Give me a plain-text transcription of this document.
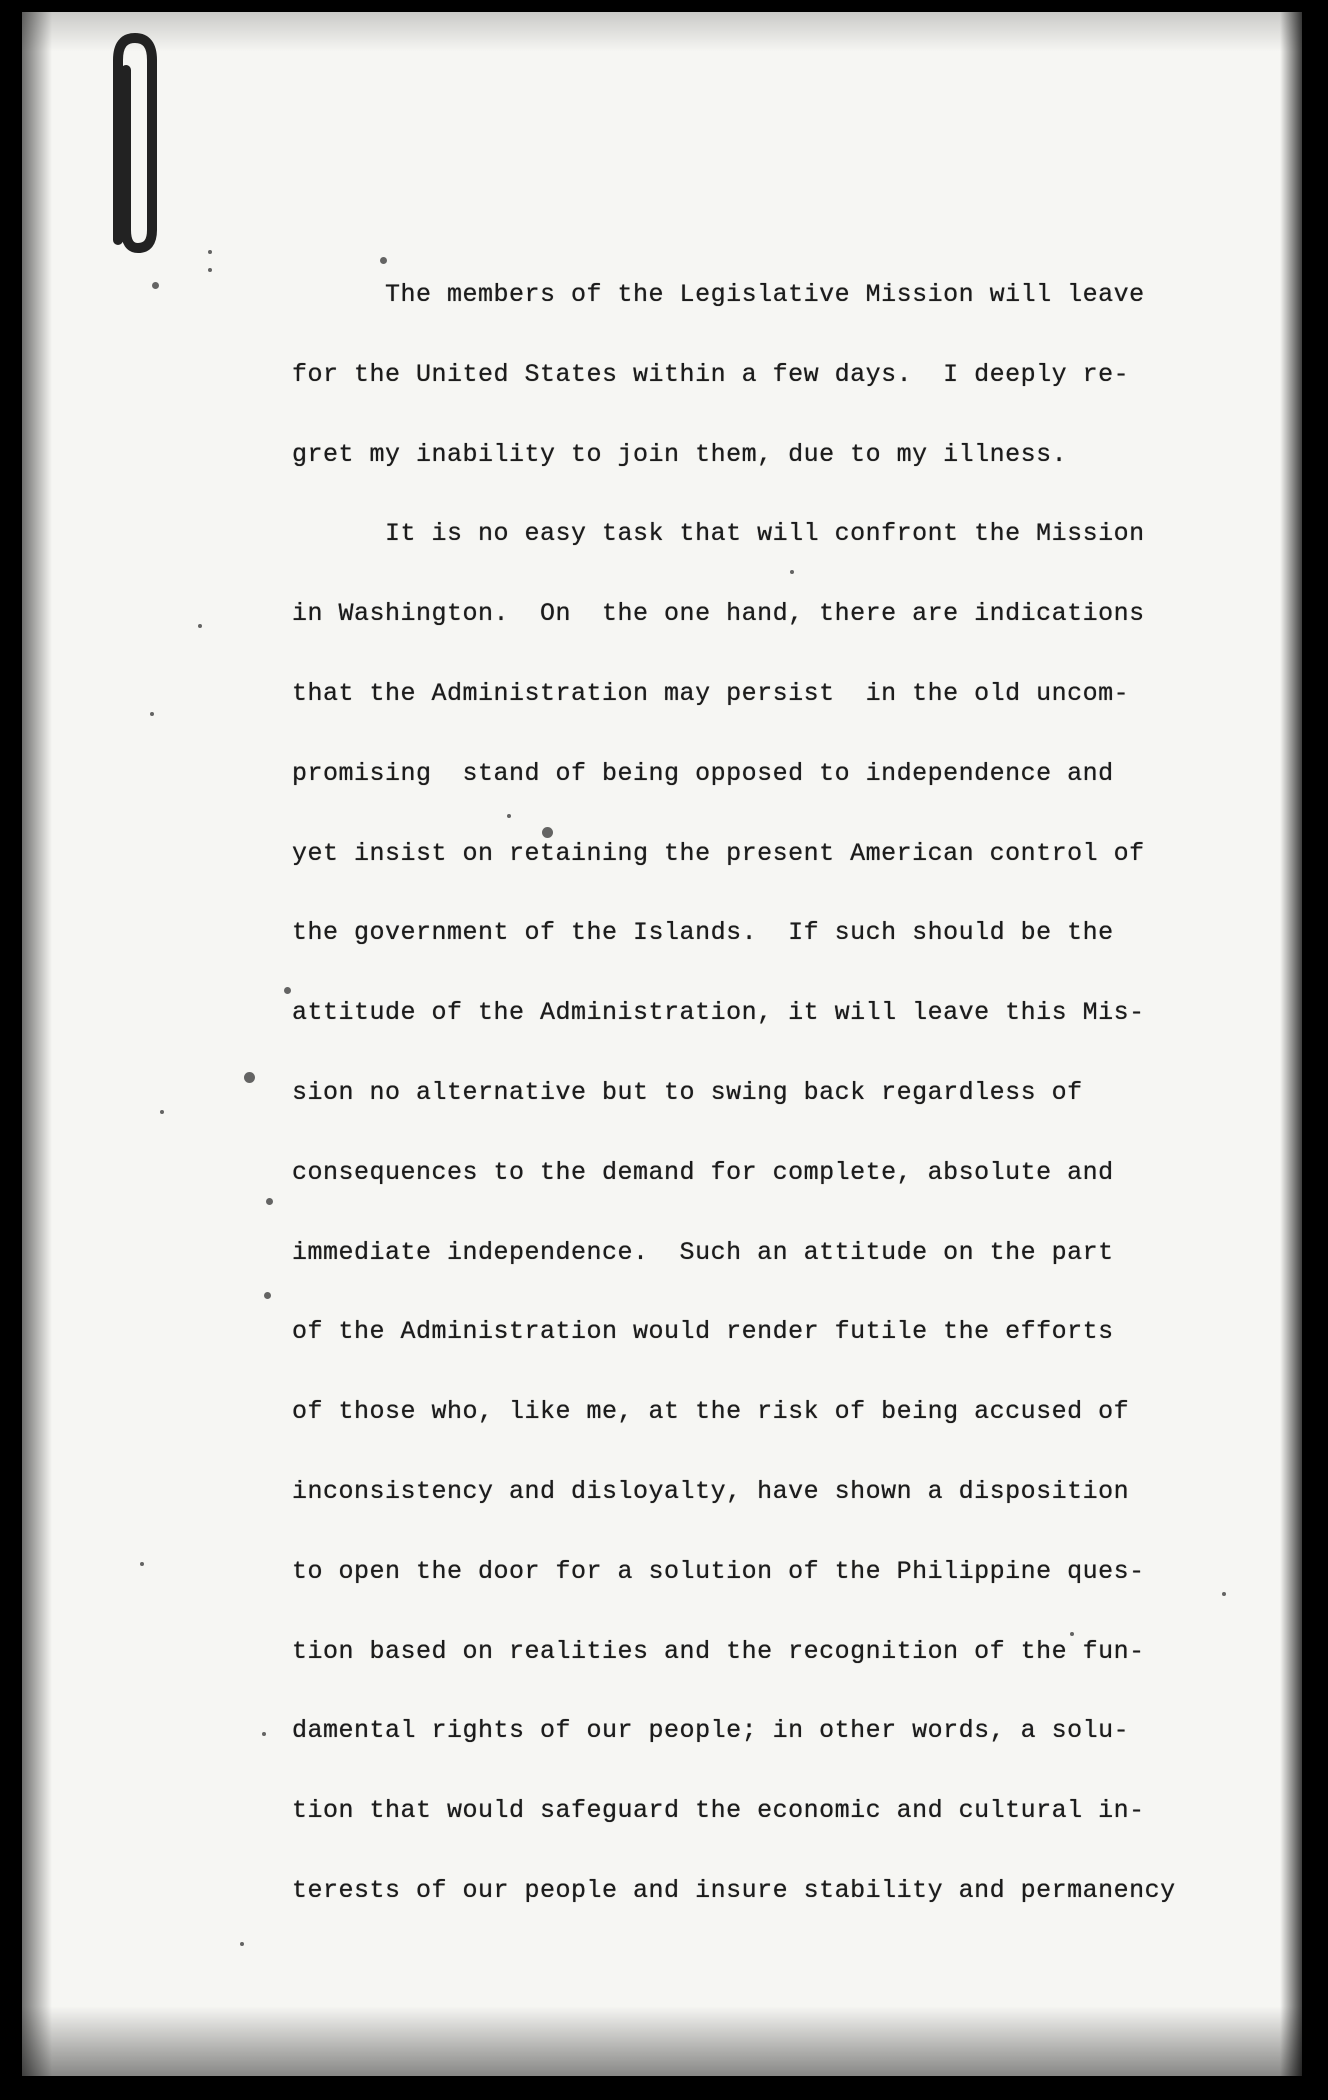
The members of the Legislative Mission will leave
for the United States within a few days.  I deeply re-
gret my inability to join them, due to my illness.
It is no easy task that will confront the Mission
in Washington.  On  the one hand, there are indications
that the Administration may persist  in the old uncom-
promising  stand of being opposed to independence and
yet insist on retaining the present American control of
the government of the Islands.  If such should be the
attitude of the Administration, it will leave this Mis-
sion no alternative but to swing back regardless of
consequences to the demand for complete, absolute and
immediate independence.  Such an attitude on the part
of the Administration would render futile the efforts
of those who, like me, at the risk of being accused of
inconsistency and disloyalty, have shown a disposition
to open the door for a solution of the Philippine ques-
tion based on realities and the recognition of the fun-
damental rights of our people; in other words, a solu-
tion that would safeguard the economic and cultural in-
terests of our people and insure stability and permanency
